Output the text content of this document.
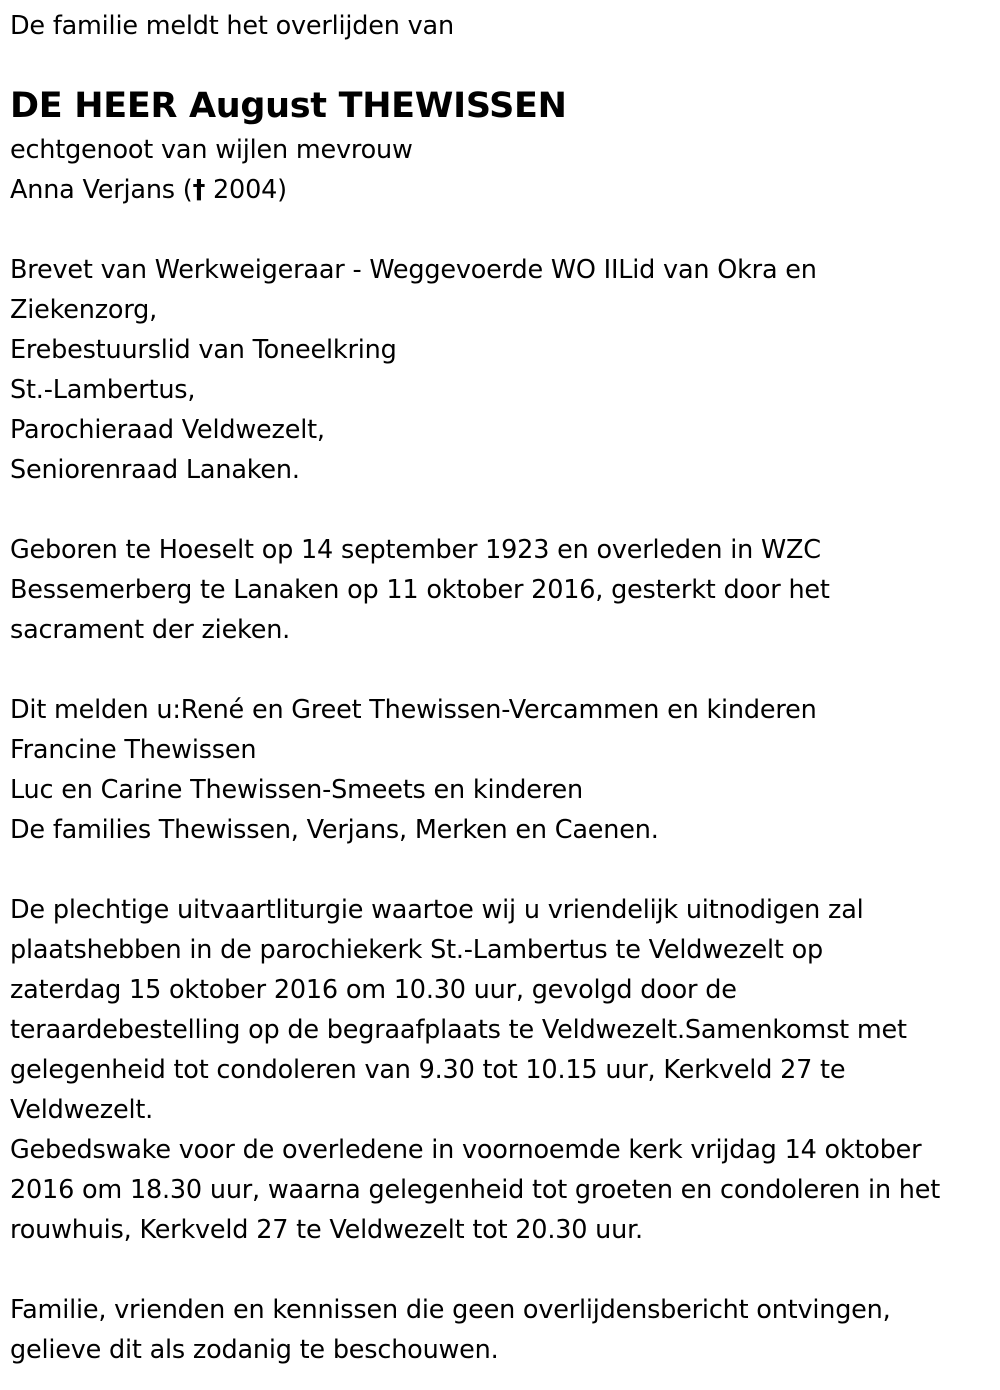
De familie meldt het overlijden van
DE HEER August THEWISSEN
echtgenoot van wijlen mevrouw
Anna Verjans († 2004)
Brevet van Werkweigeraar - Weggevoerde WO IILid van Okra en
Ziekenzorg,
Erebestuurslid van Toneelkring
St.-Lambertus,
Parochieraad Veldwezelt,
Seniorenraad Lanaken.
Geboren te Hoeselt op 14 september 1923 en overleden in WZC
Bessemerberg te Lanaken op 11 oktober 2016, gesterkt door het
sacrament der zieken.
Dit melden u:René en Greet Thewissen-Vercammen en kinderen
Francine Thewissen
Luc en Carine Thewissen-Smeets en kinderen
De families Thewissen, Verjans, Merken en Caenen.
De plechtige uitvaartliturgie waartoe wij u vriendelijk uitnodigen zal
plaatshebben in de parochiekerk St.-Lambertus te Veldwezelt op
zaterdag 15 oktober 2016 om 10.30 uur, gevolgd door de
teraardebestelling op de begraafplaats te Veldwezelt.Samenkomst met
gelegenheid tot condoleren van 9.30 tot 10.15 uur, Kerkveld 27 te
Veldwezelt.
Gebedswake voor de overledene in voornoemde kerk vrijdag 14 oktober
2016 om 18.30 uur, waarna gelegenheid tot groeten en condoleren in het
rouwhuis, Kerkveld 27 te Veldwezelt tot 20.30 uur.
Familie, vrienden en kennissen die geen overlijdensbericht ontvingen,
gelieve dit als zodanig te beschouwen.
